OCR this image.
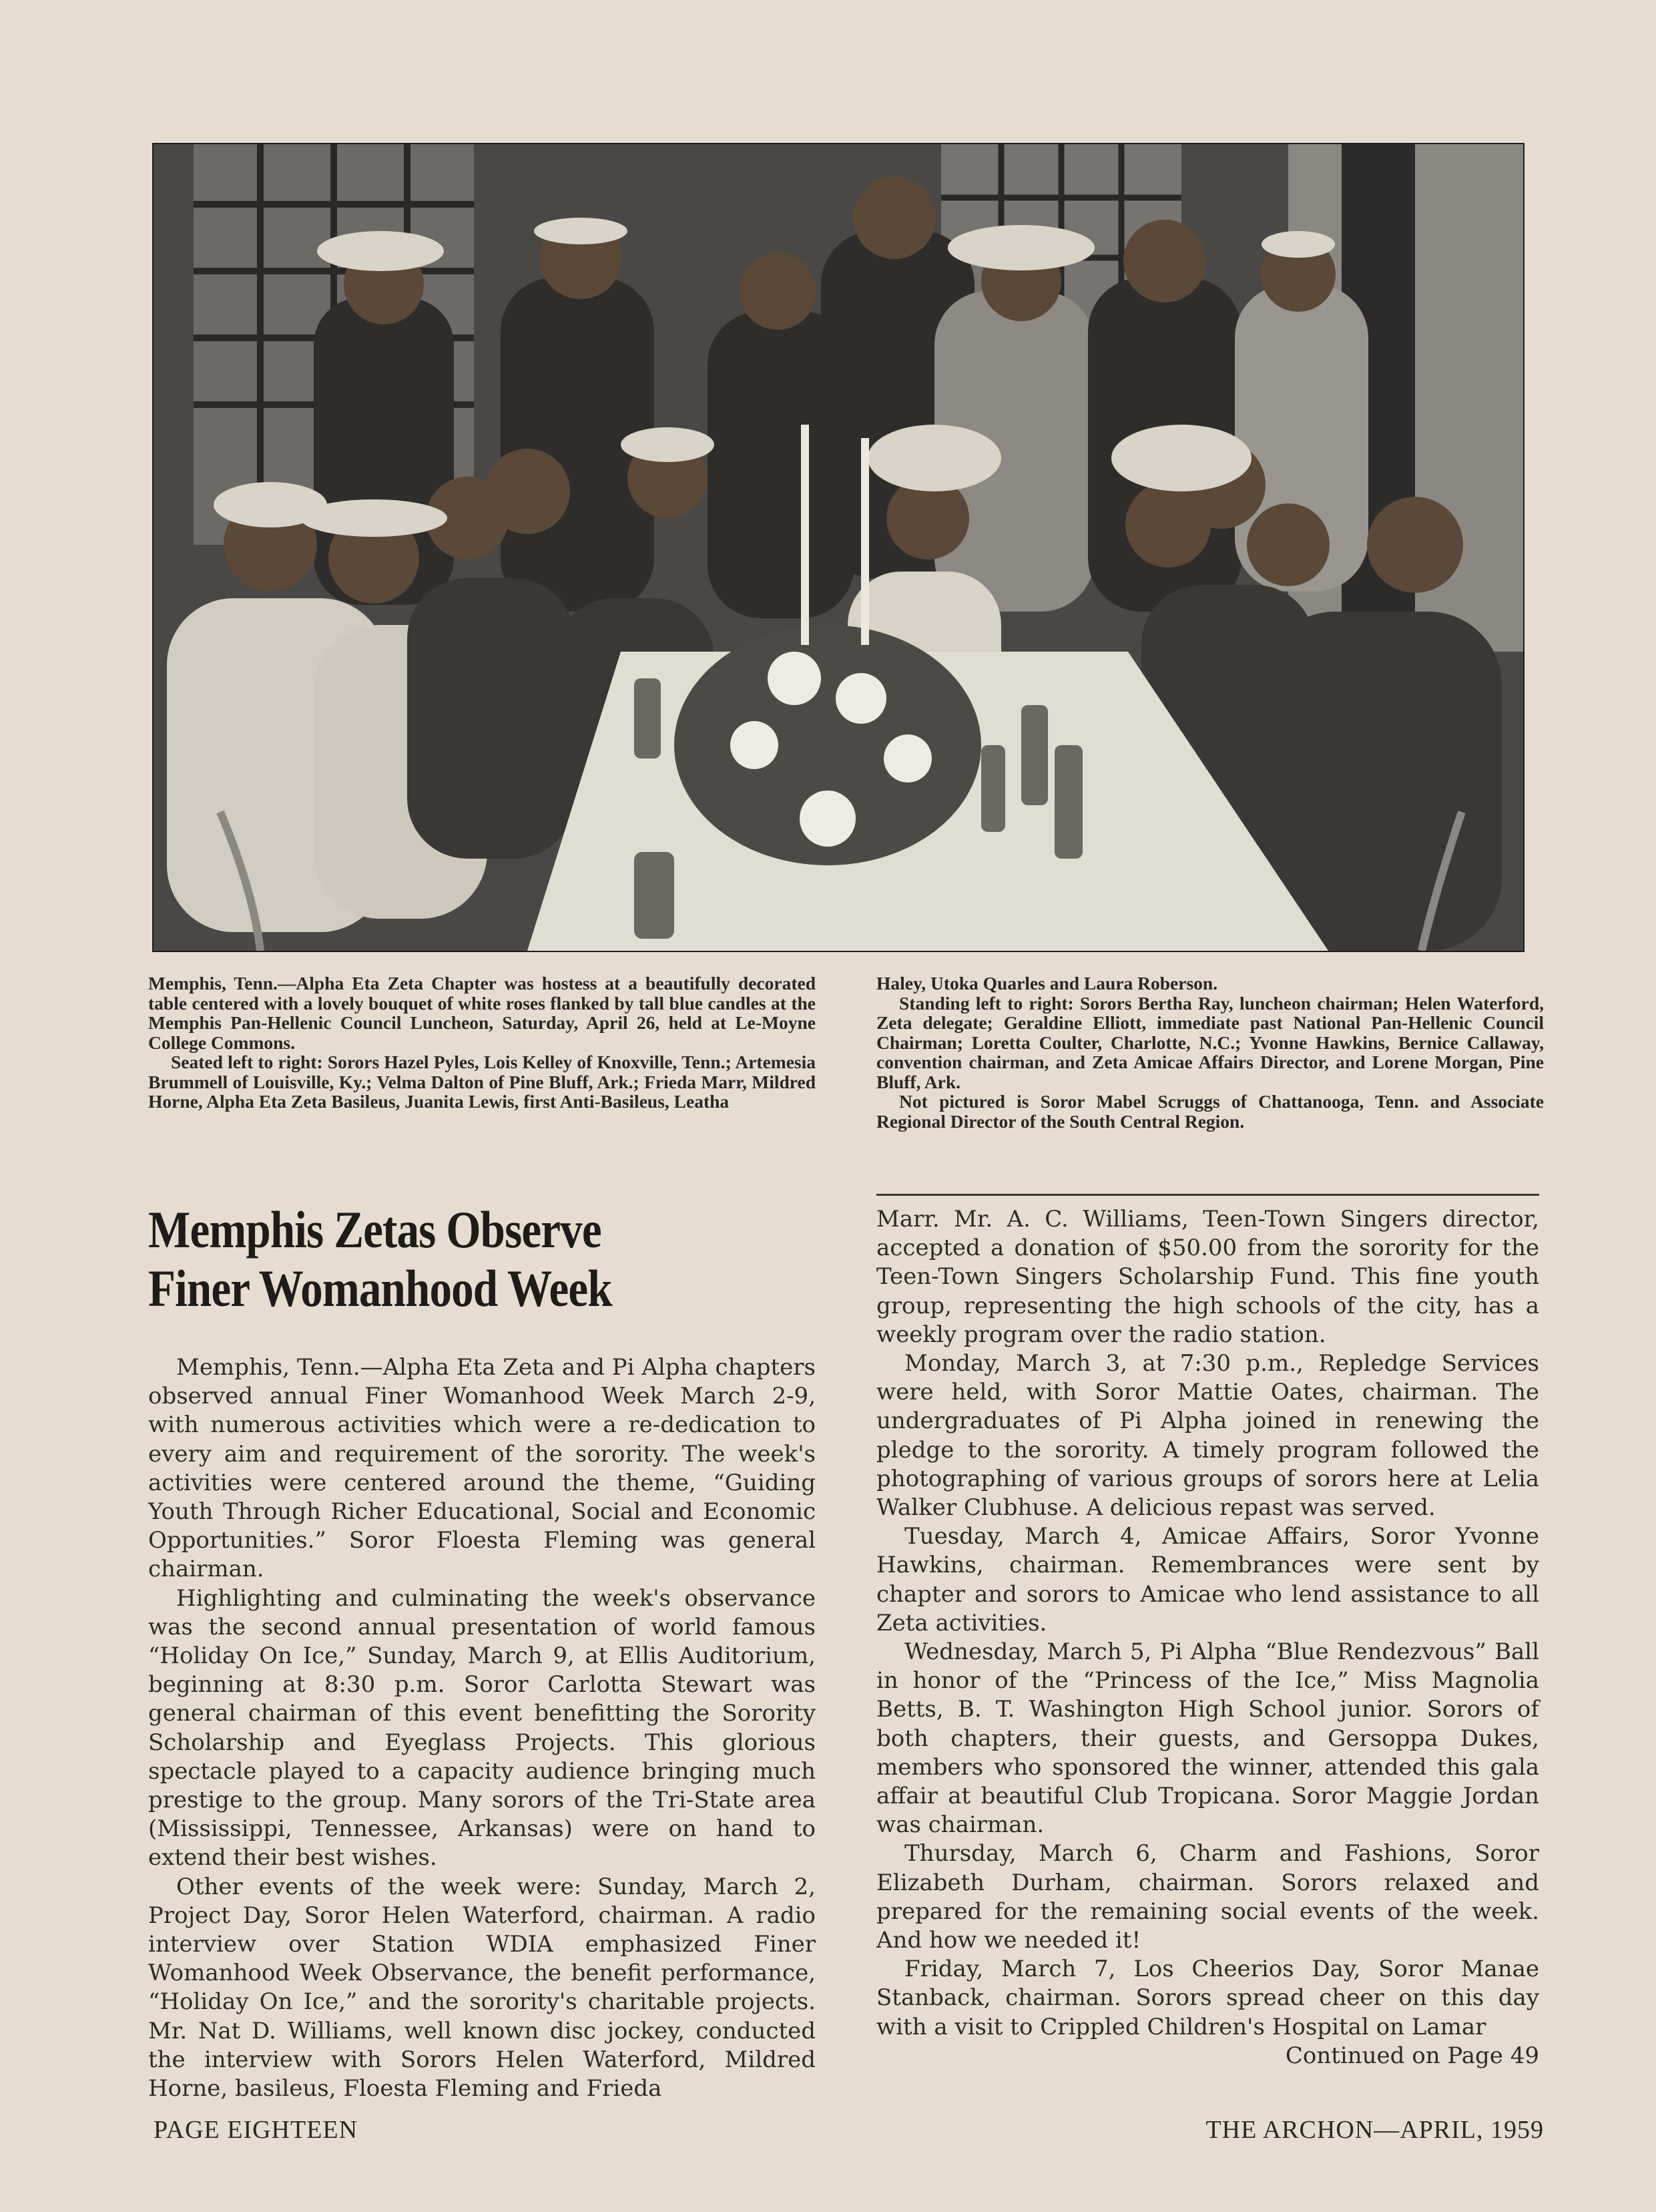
Memphis, Tenn.—Alpha Eta Zeta Chapter was hostess at a beautifully decorated table centered with a lovely bouquet of white roses flanked by tall blue candles at the Memphis Pan-Hellenic Council Luncheon, Saturday, April 26, held at Le-Moyne College Commons.

Seated left to right: Sorors Hazel Pyles, Lois Kelley of Knoxville, Tenn.; Artemesia Brummell of Louisville, Ky.; Velma Dalton of Pine Bluff, Ark.; Frieda Marr, Mildred Horne, Alpha Eta Zeta Basileus, Juanita Lewis, first Anti-Basileus, Leatha

Haley, Utoka Quarles and Laura Roberson.

Standing left to right: Sorors Bertha Ray, luncheon chairman; Helen Waterford, Zeta delegate; Geraldine Elliott, immediate past National Pan-Hellenic Council Chairman; Loretta Coulter, Charlotte, N.C.; Yvonne Hawkins, Bernice Callaway, convention chairman, and Zeta Amicae Affairs Director, and Lorene Morgan, Pine Bluff, Ark.

Not pictured is Soror Mabel Scruggs of Chattanooga, Tenn. and Associate Regional Director of the South Central Region.

Memphis Zetas Observe
Finer Womanhood Week

Memphis, Tenn.—Alpha Eta Zeta and Pi Alpha chapters observed annual Finer Womanhood Week March 2-9, with numerous activities which were a re-dedication to every aim and requirement of the sorority. The week's activities were centered around the theme, “Guiding Youth Through Richer Educational, Social and Economic Opportunities.” Soror Floesta Fleming was general chairman.

Highlighting and culminating the week's observance was the second annual presentation of world famous “Holiday On Ice,” Sunday, March 9, at Ellis Auditorium, beginning at 8:30 p.m. Soror Carlotta Stewart was general chairman of this event benefitting the Sorority Scholarship and Eyeglass Projects. This glorious spectacle played to a capacity audience bringing much prestige to the group. Many sorors of the Tri-State area (Mississippi, Tennessee, Arkansas) were on hand to extend their best wishes.

Other events of the week were: Sunday, March 2, Project Day, Soror Helen Waterford, chairman. A radio interview over Station WDIA emphasized Finer Womanhood Week Observance, the benefit performance, “Holiday On Ice,” and the sorority's charitable projects. Mr. Nat D. Williams, well known disc jockey, conducted the interview with Sorors Helen Waterford, Mildred Horne, basileus, Floesta Fleming and Frieda

Marr. Mr. A. C. Williams, Teen-Town Singers director, accepted a donation of $50.00 from the sorority for the Teen-Town Singers Scholarship Fund. This fine youth group, representing the high schools of the city, has a weekly program over the radio station.

Monday, March 3, at 7:30 p.m., Repledge Services were held, with Soror Mattie Oates, chairman. The undergraduates of Pi Alpha joined in renewing the pledge to the sorority. A timely program followed the photographing of various groups of sorors here at Lelia Walker Clubhuse. A delicious repast was served.

Tuesday, March 4, Amicae Affairs, Soror Yvonne Hawkins, chairman. Remembrances were sent by chapter and sorors to Amicae who lend assistance to all Zeta activities.

Wednesday, March 5, Pi Alpha “Blue Rendezvous” Ball in honor of the “Princess of the Ice,” Miss Magnolia Betts, B. T. Washington High School junior. Sorors of both chapters, their guests, and Gersoppa Dukes, members who sponsored the winner, attended this gala affair at beautiful Club Tropicana. Soror Maggie Jordan was chairman.

Thursday, March 6, Charm and Fashions, Soror Elizabeth Durham, chairman. Sorors relaxed and prepared for the remaining social events of the week. And how we needed it!

Friday, March 7, Los Cheerios Day, Soror Manae Stanback, chairman. Sorors spread cheer on this day with a visit to Crippled Children's Hospital on Lamar

Continued on Page 49
PAGE EIGHTEEN	THE ARCHON—APRIL, 1959
